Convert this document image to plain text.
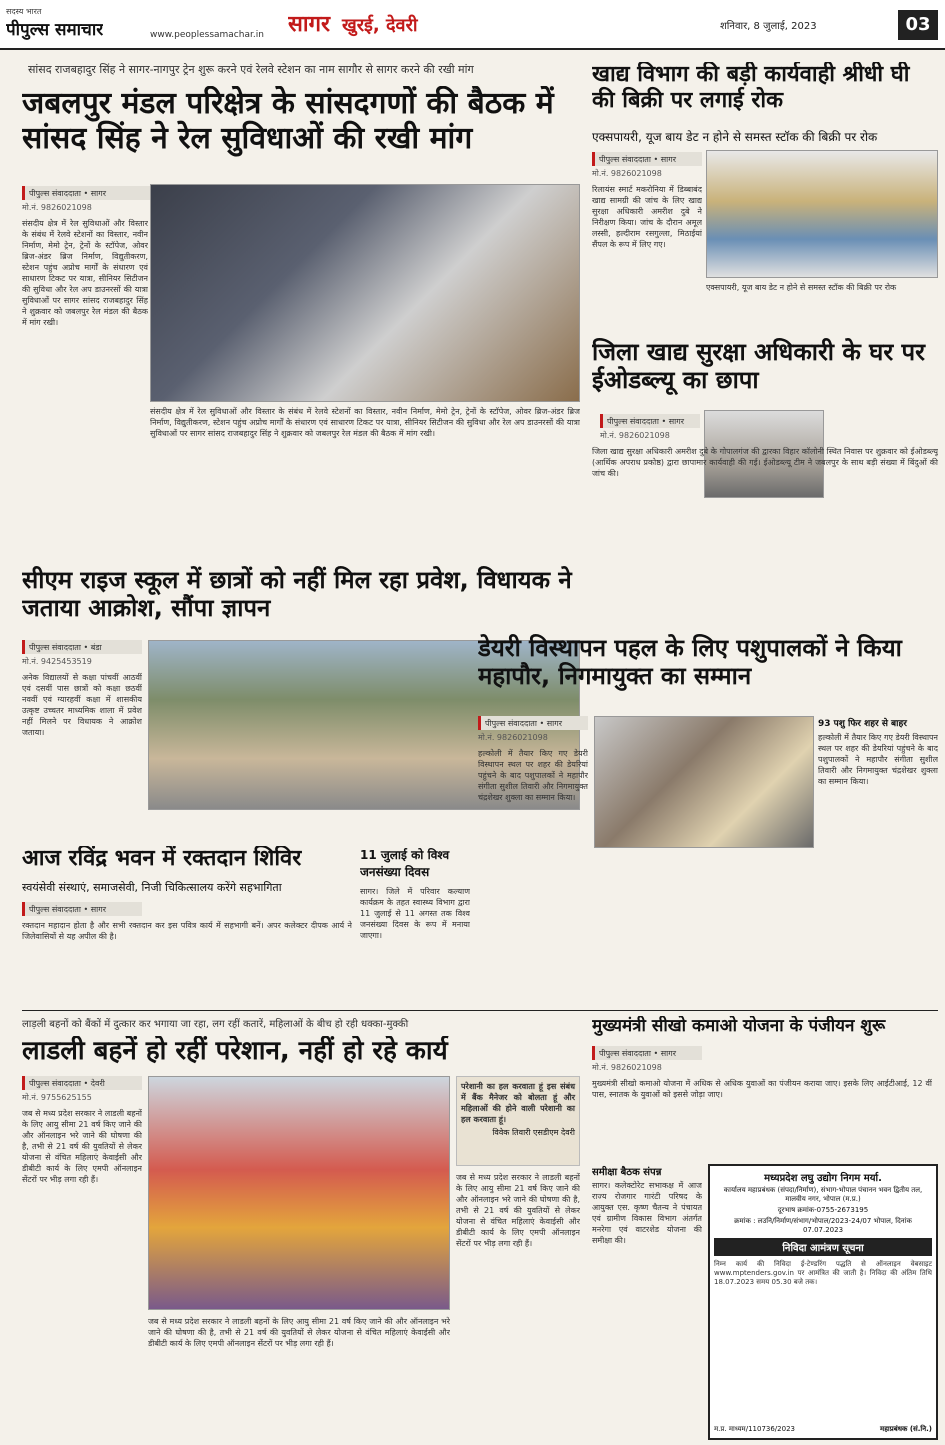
सदस्य भारत
पीपुल्स समाचार	www.peoplessamachar.in सागर खुरई, देवरी	शनिवार, 8 जुलाई, 2023	03
सांसद राजबहादुर सिंह ने सागर-नागपुर ट्रेन शुरू करने एवं रेलवे स्टेशन का नाम सागौर से सागर करने की रखी मांग
जबलपुर मंडल परिक्षेत्र के सांसदगणों की बैठक में सांसद सिंह ने रेल सुविधाओं की रखी मांग
पीपुल्स संवाददाता • सागर
मो.नं. 9826021098
संसदीय क्षेत्र में रेल सुविधाओं और विस्तार के संबंध में रेलवे स्टेशनों का विस्तार, नवीन निर्माण, मेमो ट्रेन, ट्रेनों के स्टॉपेज, ओवर ब्रिज-अंडर ब्रिज निर्माण, विद्युतीकरण, स्टेशन पहुंच अप्रोच मार्गों के संधारण एवं साधारण टिकट पर यात्रा, सीनियर सिटीजन की सुविधा और रेल अप डाउनरसों की यात्रा सुविधाओं पर सागर सांसद राजबहादुर सिंह ने शुक्रवार को जबलपुर रेल मंडल की बैठक में मांग रखी।
संसदीय क्षेत्र में रेल सुविधाओं और विस्तार के संबंध में रेलवे स्टेशनों का विस्तार, नवीन निर्माण, मेमो ट्रेन, ट्रेनों के स्टॉपेज, ओवर ब्रिज-अंडर ब्रिज निर्माण, विद्युतीकरण, स्टेशन पहुंच अप्रोच मार्गों के संधारण एवं साधारण टिकट पर यात्रा, सीनियर सिटीजन की सुविधा और रेल अप डाउनरसों की यात्रा सुविधाओं पर सागर सांसद राजबहादुर सिंह ने शुक्रवार को जबलपुर रेल मंडल की बैठक में मांग रखी।
खाद्य विभाग की बड़ी कार्यवाही श्रीधी घी की बिक्री पर लगाई रोक
एक्सपायरी, यूज बाय डेट न होने से समस्त स्टॉक की बिक्री पर रोक
पीपुल्स संवाददाता • सागर
मो.नं. 9826021098
रिलायंस स्मार्ट मकरोनिया में डिब्बाबंद खाद्य सामग्री की जांच के लिए खाद्य सुरक्षा अधिकारी अमरीश दुबे ने निरीक्षण किया। जांच के दौरान अमूल लस्सी, हल्दीराम रसगुल्ला, मिठाईयां सैंपल के रूप में लिए गए।
एक्सपायरी, यूज बाय डेट न होने से समस्त स्टॉक की बिक्री पर रोक
जिला खाद्य सुरक्षा अधिकारी के घर पर ईओडब्ल्यू का छापा
पीपुल्स संवाददाता • सागर
मो.नं. 9826021098
जिला खाद्य सुरक्षा अधिकारी अमरीश दुबे के गोपालगंज की द्वारका विहार कॉलोनी स्थित निवास पर शुक्रवार को ईओडब्ल्यू (आर्थिक अपराध प्रकोष्ठ) द्वारा छापामार कार्यवाही की गई। ईओडब्ल्यू टीम ने जबलपुर के साथ बड़ी संख्या में बिंदुओं की जांच की।
सीएम राइज स्कूल में छात्रों को नहीं मिल रहा प्रवेश, विधायक ने जताया आक्रोश, सौंपा ज्ञापन
पीपुल्स संवाददाता • बंडा
मो.नं. 9425453519
अनेक विद्यालयों से कक्षा पांचवीं आठवीं एवं दसवीं पास छात्रों को कक्षा छठवीं नववीं एवं ग्यारहवीं कक्षा में शासकीय उत्कृष्ट उच्चतर माध्यमिक शाला में प्रवेश नहीं मिलने पर विधायक ने आक्रोश जताया।
डेयरी विस्थापन पहल के लिए पशुपालकों ने किया महापौर, निगमायुक्त का सम्मान
पीपुल्स संवाददाता • सागर
मो.नं. 9826021098
हल्कोली में तैयार किए गए डेयरी विस्थापन स्थल पर शहर की डेयरियां पहुंचने के बाद पशुपालकों ने महापौर संगीता सुशील तिवारी और निगमायुक्त चंद्रशेखर शुक्ला का सम्मान किया।
93 पशु फिर शहर से बाहर
हल्कोली में तैयार किए गए डेयरी विस्थापन स्थल पर शहर की डेयरियां पहुंचने के बाद पशुपालकों ने महापौर संगीता सुशील तिवारी और निगमायुक्त चंद्रशेखर शुक्ला का सम्मान किया।
आज रविंद्र भवन में रक्तदान शिविर
स्वयंसेवी संस्थाएं, समाजसेवी, निजी चिकित्सालय करेंगे सहभागिता
पीपुल्स संवाददाता • सागर
रक्तदान महादान होता है और सभी रक्तदान कर इस पवित्र कार्य में सहभागी बनें। अपर कलेक्टर दीपक आर्य ने जिलेवासियों से यह अपील की है।
11 जुलाई को विश्व जनसंख्या दिवस
सागर। जिले में परिवार कल्याण कार्यक्रम के तहत स्वास्थ्य विभाग द्वारा 11 जुलाई से 11 अगस्त तक विश्व जनसंख्या दिवस के रूप में मनाया जाएगा।
लाड़ली बहनों को बैंकों में दुत्कार कर भगाया जा रहा, लग रहीं कतारें, महिलाओं के बीच हो रही धक्का-मुक्की
लाडली बहनें हो रहीं परेशान, नहीं हो रहे कार्य
पीपुल्स संवाददाता • देवरी
मो.नं. 9755625155
जब से मध्य प्रदेश सरकार ने लाडली बहनों के लिए आयु सीमा 21 वर्ष किए जाने की और ऑनलाइन भरे जाने की घोषणा की है, तभी से 21 वर्ष की युवतियों से लेकर योजना से वंचित महिलाएं केवाईसी और डीबीटी कार्य के लिए एमपी ऑनलाइन सेंटरों पर भीड़ लगा रही हैं।
जब से मध्य प्रदेश सरकार ने लाडली बहनों के लिए आयु सीमा 21 वर्ष किए जाने की और ऑनलाइन भरे जाने की घोषणा की है, तभी से 21 वर्ष की युवतियों से लेकर योजना से वंचित महिलाएं केवाईसी और डीबीटी कार्य के लिए एमपी ऑनलाइन सेंटरों पर भीड़ लगा रही हैं।
परेशानी का हल करवाता हूं इस संबंध में बैंक मैनेजर को बोलता हूं और महिलाओं की होने वाली परेशानी का हल करवाता हूं।
विवेक तिवारी एसडीएम देवरी
जब से मध्य प्रदेश सरकार ने लाडली बहनों के लिए आयु सीमा 21 वर्ष किए जाने की और ऑनलाइन भरे जाने की घोषणा की है, तभी से 21 वर्ष की युवतियों से लेकर योजना से वंचित महिलाएं केवाईसी और डीबीटी कार्य के लिए एमपी ऑनलाइन सेंटरों पर भीड़ लगा रही हैं।
मुख्यमंत्री सीखो कमाओ योजना के पंजीयन शुरू
पीपुल्स संवाददाता • सागर
मो.नं. 9826021098
मुख्यमंत्री सीखो कमाओ योजना में अधिक से अधिक युवाओं का पंजीयन कराया जाए। इसके लिए आईटीआई, 12 वीं पास, स्नातक के युवाओं को इससे जोड़ा जाए।
समीक्षा बैठक संपन्न
सागर। कलेक्टोरेट सभाकक्ष में आज राज्य रोजगार गारंटी परिषद के आयुक्त एस. कृष्ण चैतन्य ने पंचायत एवं ग्रामीण विकास विभाग अंतर्गत मनरेगा एवं वाटरशेड योजना की समीक्षा की।
मध्यप्रदेश लघु उद्योग निगम मर्या.
कार्यालय महाप्रबंधक (संपदा/निर्माण), संभाग-भोपाल पंचानन भवन द्वितीय तल, मालवीय नगर, भोपाल (म.प्र.)
दूरभाष क्रमांक-0755-2673195
क्रमांक : लउनि/निर्माण/संभाग/भोपाल/2023-24/07 भोपाल, दिनांक 07.07.2023
निविदा आमंत्रण सूचना
निम्न कार्य की निविदा ई-टेण्डरिंग पद्धति से ऑनलाइन वेबसाइट www.mptenders.gov.in पर आमंत्रित की जाती है। निविदा की अंतिम तिथि 18.07.2023 समय 05.30 बजे तक।
म.प्र. माध्यम/110736/2023	महाप्रबंधक (सं.नि.)
